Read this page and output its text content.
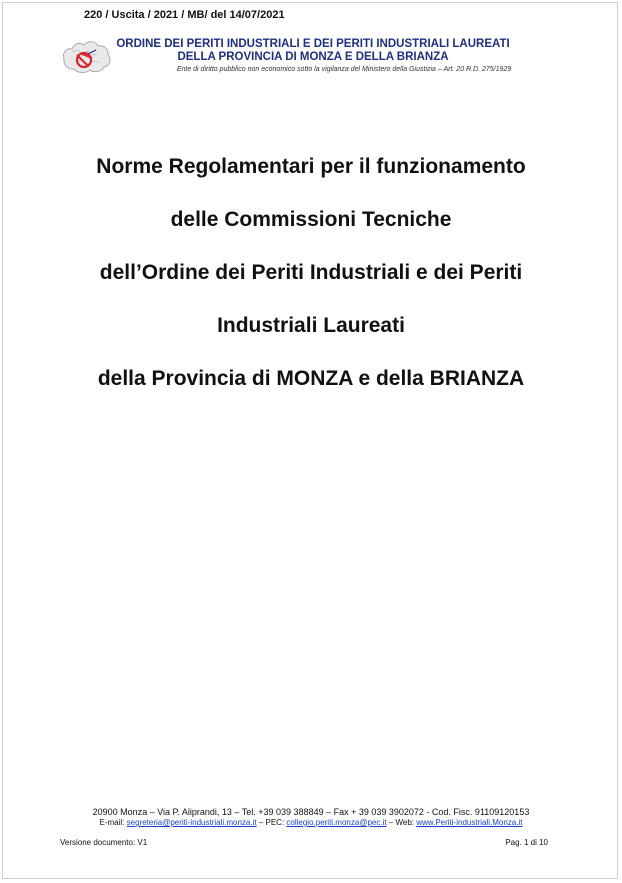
220 / Uscita / 2021 / MB/ del 14/07/2021
ORDINE DEI PERITI INDUSTRIALI E DEI PERITI INDUSTRIALI LAUREATI
DELLA PROVINCIA DI MONZA E DELLA BRIANZA
Ente di diritto pubblico non economico sotto la vigilanza del Ministero della Giustizia – Art. 20 R.D. 275/1929
Norme Regolamentari per il funzionamento
delle Commissioni Tecniche
dell’Ordine dei Periti Industriali e dei Periti
Industriali Laureati
della Provincia di MONZA e della BRIANZA
20900 Monza – Via P. Aliprandi, 13 – Tel. +39 039 388849 – Fax + 39 039 3902072 - Cod. Fisc. 91109120153
E-mail: segreteria@periti-industriali.monza.it – PEC: collegio.periti.monza@pec.it – Web: www.Periti-industriali.Monza.it
Versione documento: V1	Pag. 1 di 10
